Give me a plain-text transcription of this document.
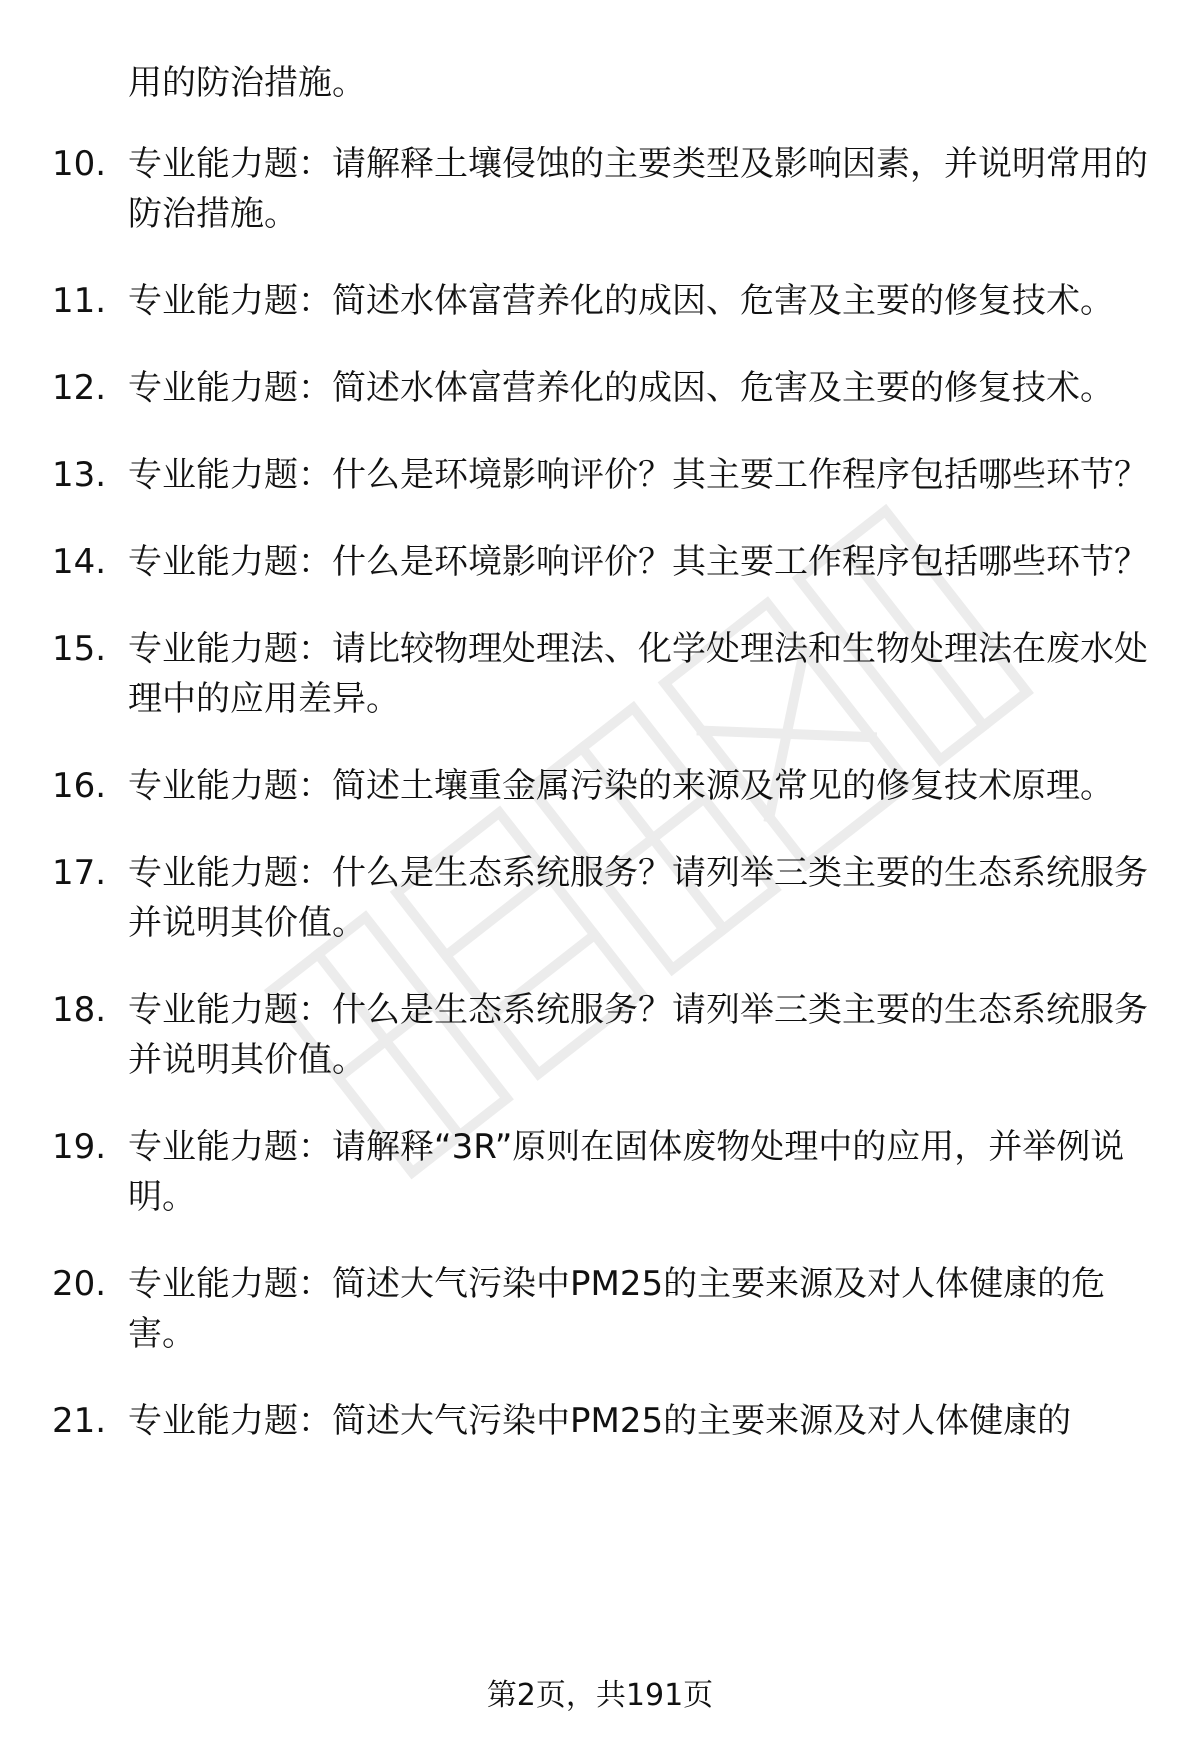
用的防治措施。
10. 专业能力题：请解释土壤侵蚀的主要类型及影响因素，并说明常用的防治措施。
11. 专业能力题：简述水体富营养化的成因、危害及主要的修复技术。
12. 专业能力题：简述水体富营养化的成因、危害及主要的修复技术。
13. 专业能力题：什么是环境影响评价？其主要工作程序包括哪些环节？
14. 专业能力题：什么是环境影响评价？其主要工作程序包括哪些环节？
15. 专业能力题：请比较物理处理法、化学处理法和生物处理法在废水处理中的应用差异。
16. 专业能力题：简述土壤重金属污染的来源及常见的修复技术原理。
17. 专业能力题：什么是生态系统服务？请列举三类主要的生态系统服务并说明其价值。
18. 专业能力题：什么是生态系统服务？请列举三类主要的生态系统服务并说明其价值。
19. 专业能力题：请解释“3R”原则在固体废物处理中的应用，并举例说明。
20. 专业能力题：简述大气污染中PM25的主要来源及对人体健康的危害。
21. 专业能力题：简述大气污染中PM25的主要来源及对人体健康的
第2页，共191页
